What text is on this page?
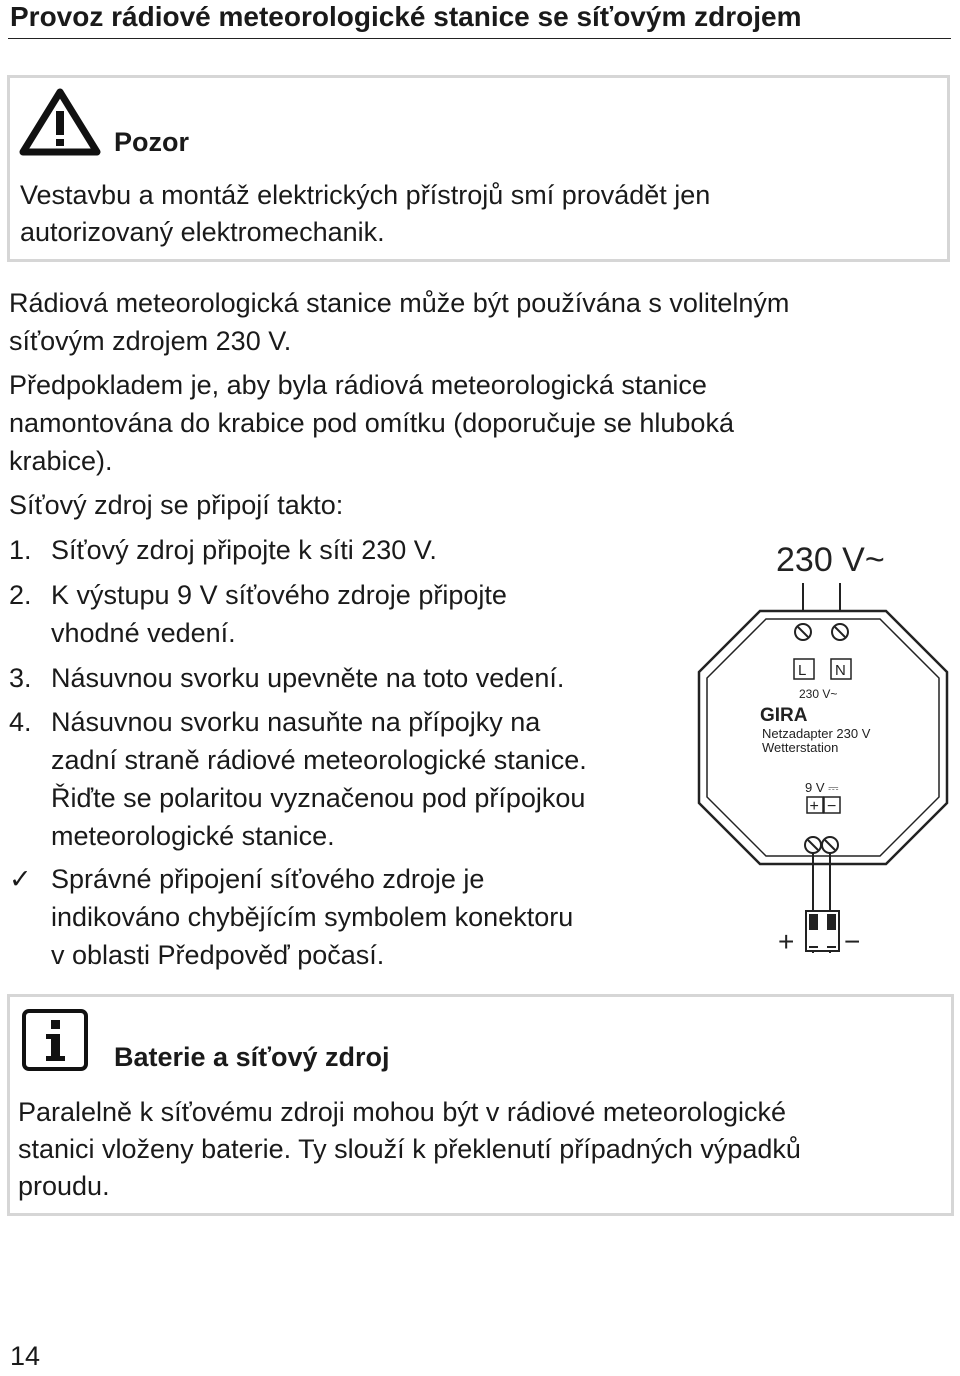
Provoz rádiové meteorologické stanice se síťovým zdrojem
Pozor
Vestavbu a montáž elektrických přístrojů smí provádět jen
autorizovaný elektromechanik.
Rádiová meteorologická stanice může být používána s volitelným
síťovým zdrojem 230 V.
Předpokladem je, aby byla rádiová meteorologická stanice
namontována do krabice pod omítku (doporučuje se hluboká
krabice).
Síťový zdroj se připojí takto:
1. Síťový zdroj připojte k síti 230 V.
2. K výstupu 9 V síťového zdroje připojte
vhodné vedení.
3. Násuvnou svorku upevněte na toto vedení.
4. Násuvnou svorku nasuňte na přípojky na
zadní straně rádiové meteorologické stanice.
Řiďte se polaritou vyznačenou pod přípojkou
meteorologické stanice.
✓ Správné připojení síťového zdroje je
indikováno chybějícím symbolem konektoru
v oblasti Předpověď počasí.
230 V~
L N
230 V~
GIRA
Netzadapter 230 V
Wetterstation
9 V ⎓
+ −
+ −
Baterie a síťový zdroj
Paralelně k síťovému zdroji mohou být v rádiové meteorologické
stanici vloženy baterie. Ty slouží k překlenutí případných výpadků
proudu.
14
